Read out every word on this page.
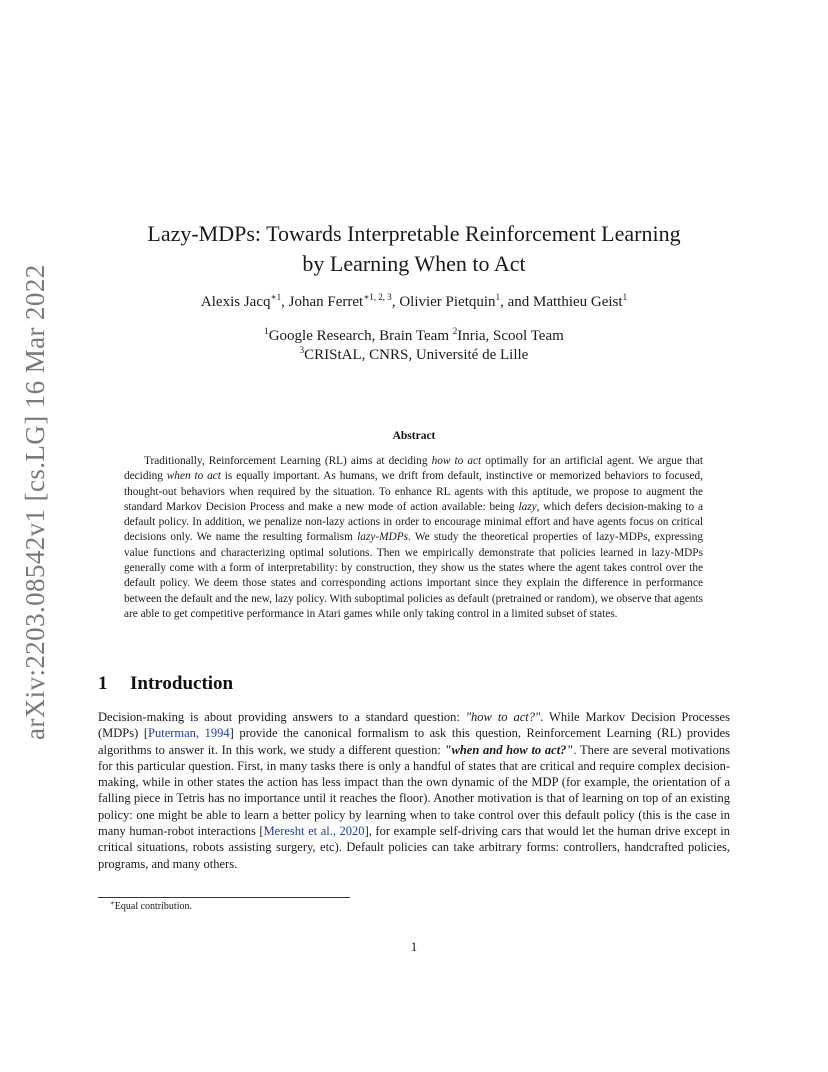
arXiv:2203.08542v1 [cs.LG] 16 Mar 2022
Lazy-MDPs: Towards Interpretable Reinforcement Learning
by Learning When to Act
Alexis Jacq$^{∗1}$, Johan Ferret$^{∗1, 2, 3}$, Olivier Pietquin$^1$, and Matthieu Geist$^1$
$^1$Google Research, Brain Team $^2$Inria, Scool Team
$^3$CRIStAL, CNRS, Université de Lille
Abstract
Traditionally, Reinforcement Learning (RL) aims at deciding how to act optimally for an artificial agent. We argue that deciding when to act is equally important. As humans, we drift from default, instinctive or memorized behaviors to focused, thought-out behaviors when required by the situation. To enhance RL agents with this aptitude, we propose to augment the standard Markov Decision Process and make a new mode of action available: being lazy, which defers decision-making to a default policy. In addition, we penalize non-lazy actions in order to encourage minimal effort and have agents focus on critical decisions only. We name the resulting formalism lazy-MDPs. We study the theoretical properties of lazy-MDPs, expressing value functions and characterizing optimal solutions. Then we empirically demonstrate that policies learned in lazy-MDPs generally come with a form of interpretability: by construction, they show us the states where the agent takes control over the default policy. We deem those states and corresponding actions important since they explain the difference in performance between the default and the new, lazy policy. With suboptimal policies as default (pretrained or random), we observe that agents are able to get competitive performance in Atari games while only taking control in a limited subset of states.
1 Introduction
Decision-making is about providing answers to a standard question: "how to act?". While Markov Decision Processes (MDPs) [Puterman, 1994] provide the canonical formalism to ask this question, Reinforcement Learning (RL) provides algorithms to answer it. In this work, we study a different question: "when and how to act?". There are several motivations for this particular question. First, in many tasks there is only a handful of states that are critical and require complex decision-making, while in other states the action has less impact than the own dynamic of the MDP (for example, the orientation of a falling piece in Tetris has no importance until it reaches the floor). Another motivation is that of learning on top of an existing policy: one might be able to learn a better policy by learning when to take control over this default policy (this is the case in many human-robot interactions [Meresht et al., 2020], for example self-driving cars that would let the human drive except in critical situations, robots assisting surgery, etc). Default policies can take arbitrary forms: controllers, handcrafted policies, programs, and many others.
∗Equal contribution.
1
